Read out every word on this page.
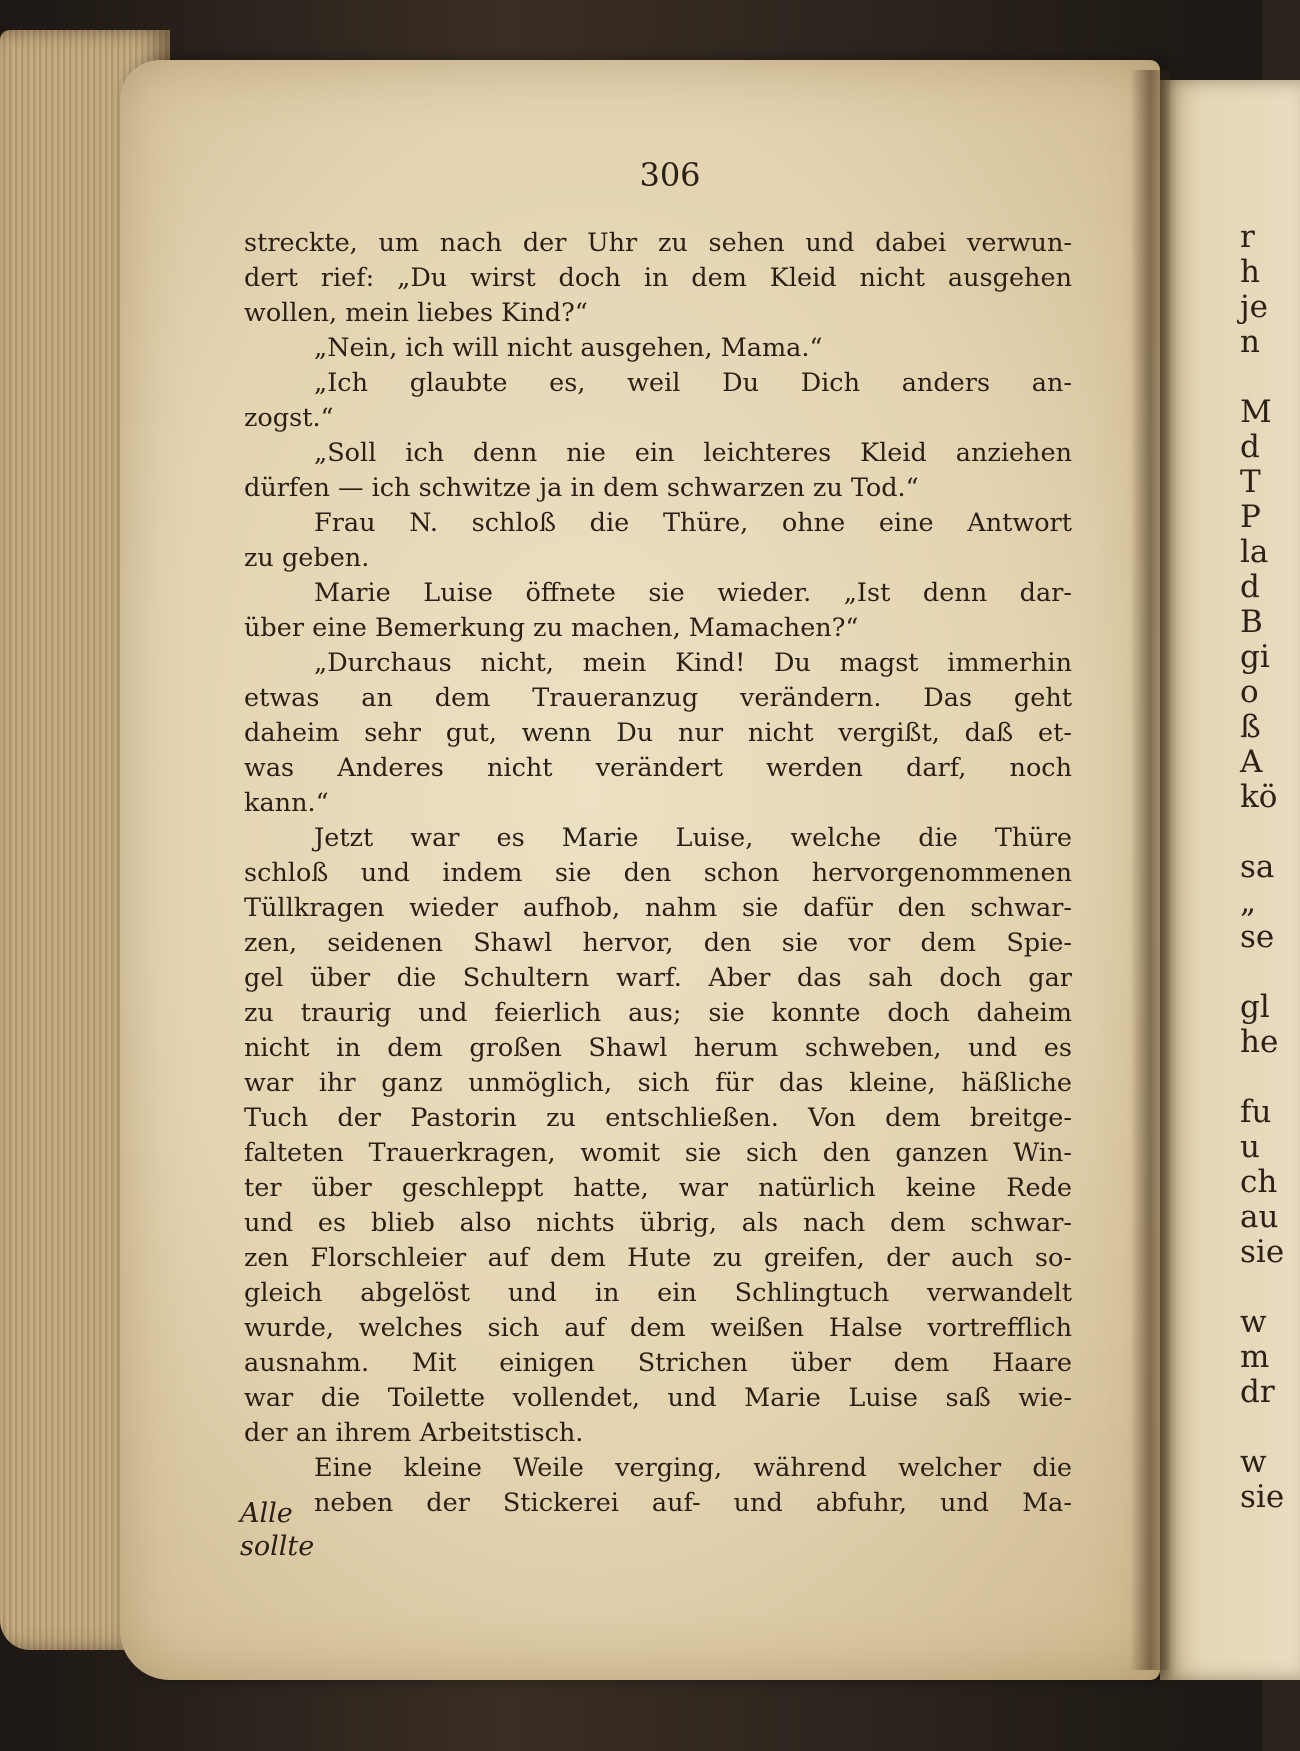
r
h
je
n

M
d
T
P
la
d
B
gi
o
ß
A
kö

sa
„
se

gl
he

fu
u
ch
au
sie

w
m
dr

w
sie
306
streckte, um nach der Uhr zu sehen und dabei verwun-
dert rief: „Du wirst doch in dem Kleid nicht ausgehen
wollen, mein liebes Kind?“
„Nein, ich will nicht ausgehen, Mama.“
„Ich glaubte es, weil Du Dich anders an-
zogst.“
„Soll ich denn nie ein leichteres Kleid anziehen
dürfen — ich schwitze ja in dem schwarzen zu Tod.“
Frau N. schloß die Thüre, ohne eine Antwort
zu geben.
Marie Luise öffnete sie wieder. „Ist denn dar-
über eine Bemerkung zu machen, Mamachen?“
„Durchaus nicht, mein Kind! Du magst immerhin
etwas an dem Traueranzug verändern. Das geht
daheim sehr gut, wenn Du nur nicht vergißt, daß et-
was Anderes nicht verändert werden darf, noch
kann.“
Jetzt war es Marie Luise, welche die Thüre
schloß und indem sie den schon hervorgenommenen
Tüllkragen wieder aufhob, nahm sie dafür den schwar-
zen, seidenen Shawl hervor, den sie vor dem Spie-
gel über die Schultern warf. Aber das sah doch gar
zu traurig und feierlich aus; sie konnte doch daheim
nicht in dem großen Shawl herum schweben, und es
war ihr ganz unmöglich, sich für das kleine, häßliche
Tuch der Pastorin zu entschließen. Von dem breitge-
falteten Trauerkragen, womit sie sich den ganzen Win-
ter über geschleppt hatte, war natürlich keine Rede
und es blieb also nichts übrig, als nach dem schwar-
zen Florschleier auf dem Hute zu greifen, der auch so-
gleich abgelöst und in ein Schlingtuch verwandelt
wurde, welches sich auf dem weißen Halse vortrefflich
ausnahm. Mit einigen Strichen über dem Haare
war die Toilette vollendet, und Marie Luise saß wie-
der an ihrem Arbeitstisch.
Eine kleine Weile verging, während welcher die
neben der Stickerei auf- und abfuhr, und Ma-
Alle
sollte
